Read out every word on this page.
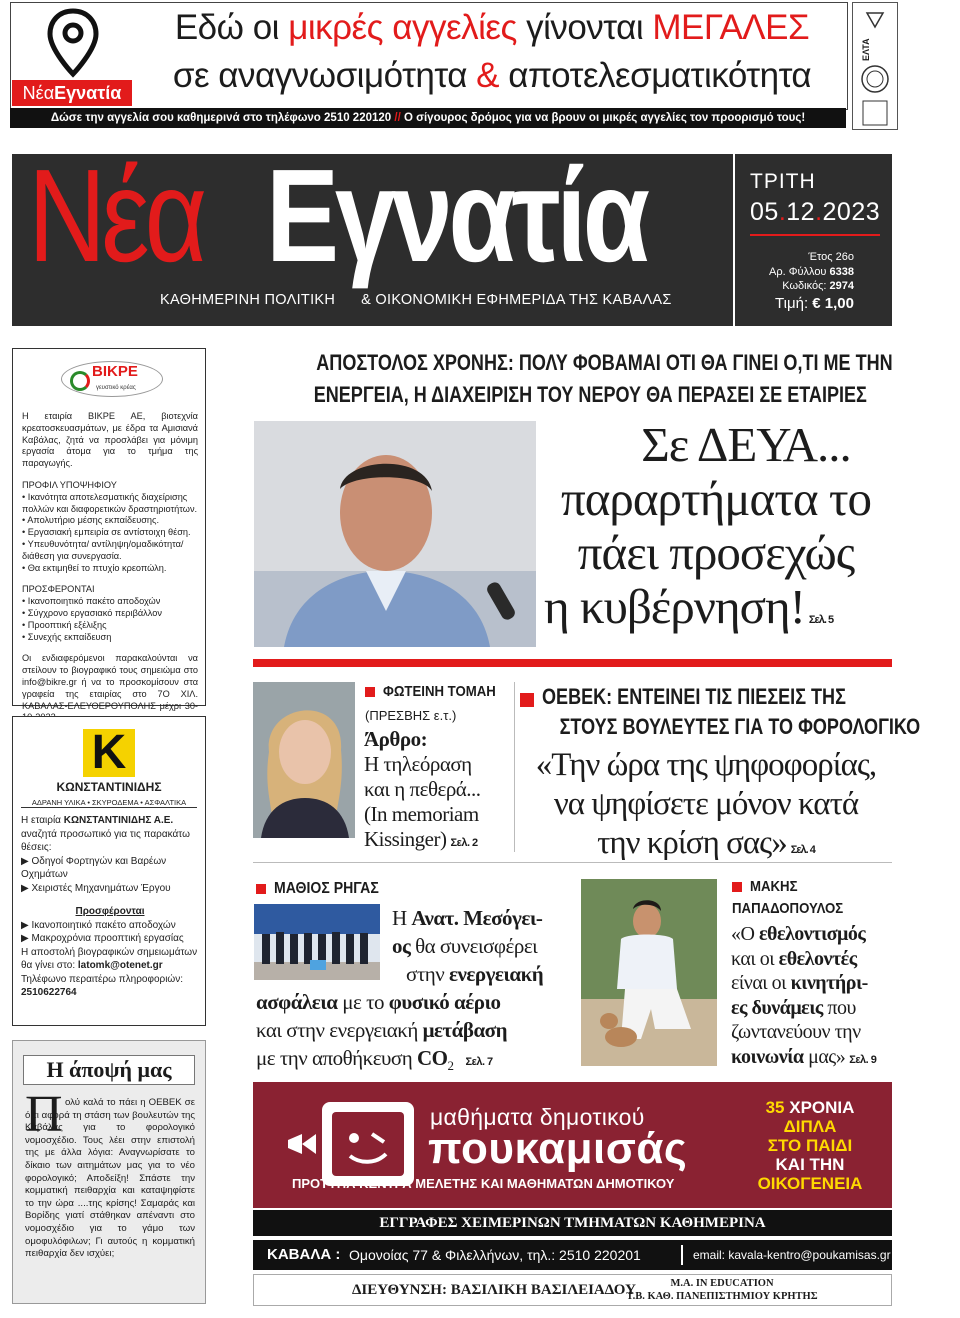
ΝέαΕγνατία
Εδώ οι μικρές αγγελίες γίνονται ΜΕΓΑΛΕΣ
σε αναγνωσιμότητα & αποτελεσματικότητα
Δώσε την αγγελία σου καθημερινά στο τηλέφωνο 2510 220120 // Ο σίγουρος δρόμος για να βρουν οι μικρές αγγελίες τον προορισμό τους!
ΕΛΤΑ
Νέα Εγνατία
ΚΑΘΗΜΕΡΙΝΗ ΠΟΛΙΤΙΚΗ      & ΟΙΚΟΝΟΜΙΚΗ ΕΦΗΜΕΡΙΔΑ ΤΗΣ ΚΑΒΑΛΑΣ
ΤΡΙΤΗ
05.12.2023
Έτος 26ο
Αρ. Φύλλου 6338
Κωδικός: 2974
Τιμή: € 1,00
ΒΙΚΡΕ
γευστικό κρέας

Η εταιρία ΒΙΚΡΕ ΑΕ, βιοτεχνία κρεατοσκευασμάτων, με έδρα τα Αμισιανά Καβάλας, ζητά να προσλάβει για μόνιμη εργασία άτομα για το τμήμα της παραγωγής.

ΠΡΟΦΙΛ ΥΠΟΨΗΦΙΟΥ
• Ικανότητα αποτελεσματικής διαχείρισης πολλών και διαφορετικών δραστηριοτήτων.
• Απολυτήριο μέσης εκπαίδευσης.
• Εργασιακή εμπειρία σε αντίστοιχη θέση.
• Υπευθυνότητα/ αντίληψη/ομαδικότητα/ διάθεση για συνεργασία.
• Θα εκτιμηθεί το πτυχίο κρεοπώλη.
ΠΡΟΣΦΕΡΟΝΤΑΙ
• Ικανοποιητικό πακέτο αποδοχών
• Σύγχρονο εργασιακό περιβάλλον
• Προοπτική εξέλιξης
• Συνεχής εκπαίδευση

Οι ενδιαφερόμενοι παρακαλούνται να στείλουν το βιογραφικό τους σημειώμα στο info@bikre.gr ή να το προσκομίσουν στα γραφεία της εταιρίας στο 7Ο ΧΙΛ. ΚΑΒΑΛΑΣ-ΕΛΕΥΘΕΡΟΥΠΟΛΗΣ μέχρι 30-

Κ
ΚΩΝΣΤΑΝΤΙΝΙΔΗΣ
ΑΔΡΑΝΗ ΥΛΙΚΑ • ΣΚΥΡΟΔΕΜΑ • ΑΣΦΑΛΤΙΚΑ
Η εταιρία ΚΩΝΣΤΑΝΤΙΝΙΔΗΣ Α.Ε. αναζητά προσωπικό για τις παρακάτω θέσεις:
▶ Οδηγοί Φορτηγών και Βαρέων Οχημάτων
▶ Χειριστές Μηχανημάτων Έργου
Προσφέρονται
▶ Ικανοποιητικό πακέτο αποδοχών
▶ Μακροχρόνια προοπτική εργασίας
Η αποστολή βιογραφικών σημειωμάτων θα γίνει στο: latomk@otenet.gr
Τηλέφωνο περαιτέρω πληροφοριών:
2510622764
Η άποψή μας
Π ολύ καλά το πάει η ΟΕΒΕΚ σε ό,τι αφορά τη στάση των βουλευτών της Καβάλας για το φορολογικό νομοσχέδιο. Τους λέει στην επιστολή της με άλλα λόγια: Αναγνωρίσατε το δίκαιο των αιτημάτων μας για το νέο φορολογικό; Αποδείξη! Σπάστε την κομματική πειθαρχία και καταψηφίστε το την ώρα ....της κρίσης! Σαμαράς και Βορίδης γιατί στάθηκαν απέναντι στο νομοσχέδιο για το γάμο των ομοφυλόφιλων; Γι αυτούς η κομματική πειθαρχία δεν ισχύει;
ΑΠΟΣΤΟΛΟΣ ΧΡΟΝΗΣ: ΠΟΛΥ ΦΟΒΑΜΑΙ ΟΤΙ ΘΑ ΓΙΝΕΙ Ο,ΤΙ ΜΕ ΤΗΝ
ΕΝΕΡΓΕΙΑ, Η ΔΙΑΧΕΙΡΙΣΗ ΤΟΥ ΝΕΡΟΥ ΘΑ ΠΕΡΑΣΕΙ ΣΕ ΕΤΑΙΡΙΕΣ
Σε ΔΕΥΑ...
παραρτήματα το
πάει προσεχώς
η κυβέρνηση! Σελ. 5
ΦΩΤΕΙΝΗ ΤΟΜΑΗ
(ΠΡΕΣΒΗΣ ε.τ.)
Άρθρο:
Η τηλεόραση
και η πεθερά...
(In memoriam
Kissinger) Σελ. 2
ΟΕΒΕΚ: ΕΝΤΕΙΝΕΙ ΤΙΣ ΠΙΕΣΕΙΣ ΤΗΣ
ΣΤΟΥΣ ΒΟΥΛΕΥΤΕΣ ΓΙΑ ΤΟ ΦΟΡΟΛΟΓΙΚΟ
«Την ώρα της ψηφοφορίας,
να ψηφίσετε μόνον κατά
την κρίση σας» Σελ. 4
ΜΑΘΙΟΣ ΡΗΓΑΣ
Η Ανατ. Μεσόγει-
ος θα συνεισφέρει
στην ενεργειακή
ασφάλεια με το φυσικό αέριο
και στην ενεργειακή μετάβαση
με την αποθήκευση $CO_2$ Σελ. 7
ΜΑΚΗΣ
ΠΑΠΑΔΟΠΟΥΛΟΣ
«Ο εθελοντισμός
και οι εθελοντές
είναι οι κινητήρι-
ες δυνάμεις που
ζωντανεύουν την
κοινωνία μας» Σελ. 9
μαθήματα δημοτικού
πουκαμισάς
ΠΡΟΤΥΠΑ ΚΕΝΤΡΑ ΜΕΛΕΤΗΣ ΚΑΙ ΜΑΘΗΜΑΤΩΝ ΔΗΜΟΤΙΚΟΥ
35 ΧΡΟΝΙΑ
ΔΙΠΛΑ
ΣΤΟ ΠΑΙΔΙ
ΚΑΙ ΤΗΝ
ΟΙΚΟΓΕΝΕΙΑ
ΕΓΓΡΑΦΕΣ ΧΕΙΜΕΡΙΝΩΝ ΤΜΗΜΑΤΩΝ ΚΑΘΗΜΕΡΙΝΑ
ΚΑΒΑΛΑ : Ομονοίας 77 & Φιλελλήνων, τηλ.: 2510 220201	email: kavala-kentro@poukamisas.gr
ΔΙΕΥΘΥΝΣΗ: ΒΑΣΙΛΙΚΗ ΒΑΣΙΛΕΙΑΔΟΥ	Μ.Α. IN EDUCATION
Τ.Β. ΚΑΘ. ΠΑΝΕΠΙΣΤΗΜΙΟΥ ΚΡΗΤΗΣ
